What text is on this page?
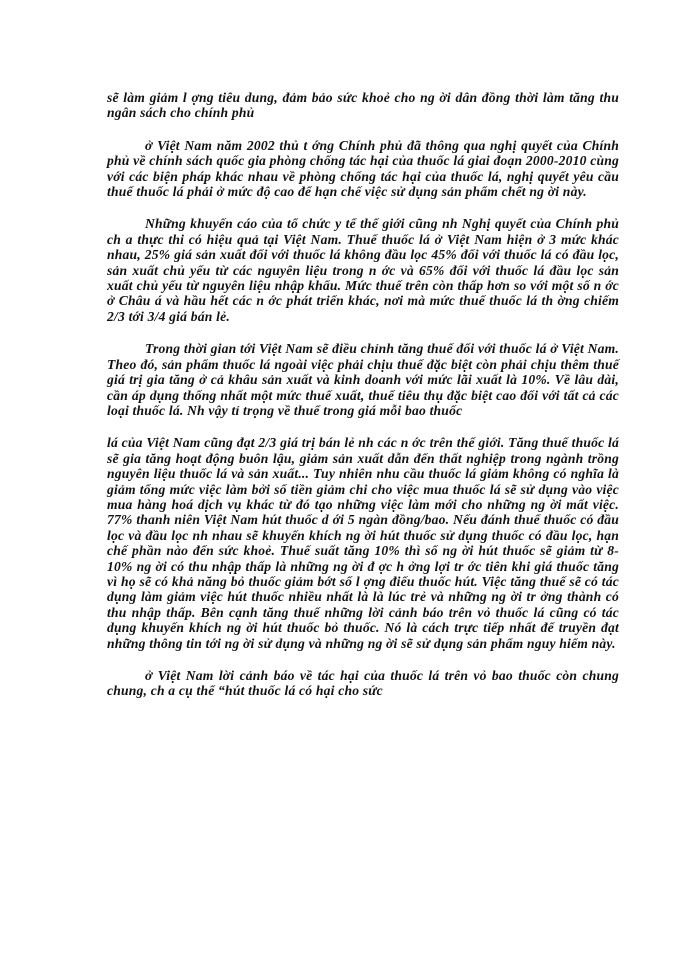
sẽ làm giảm l ợng tiêu dung, đảm bảo sức khoẻ cho ng ời dân đồng thời làm tăng thu ngân sách cho chính phủ

ở Việt Nam năm 2002 thủ t ớng Chính phủ đã thông qua nghị quyết của Chính phủ về chính sách quốc gia phòng chống tác hại của thuốc lá giai đoạn 2000-2010 cùng với các biện pháp khác nhau về phòng chống tác hại của thuốc lá, nghị quyết yêu cầu thuế thuốc lá phải ở mức độ cao để hạn chế việc sử dụng sản phẩm chết ng ời này.

Những khuyến cáo của tổ chức y tế thế giới cũng nh Nghị quyết của Chính phủ ch a thực thi có hiệu quả tại Việt Nam. Thuế thuốc lá ở Việt Nam hiện ở 3 mức khác nhau, 25% giá sản xuất đối với thuốc lá không đầu lọc 45% đối với thuốc lá có đầu lọc, sản xuất chủ yếu từ các nguyên liệu trong n ớc và 65% đối với thuốc lá đầu lọc sản xuất chủ yếu từ nguyên liệu nhập khẩu. Mức thuế trên còn thấp hơn so với một số n ớc ở Châu á và hầu hết các n ớc phát triển khác, nơi mà mức thuế thuốc lá th ờng chiếm 2/3 tới 3/4 giá bán lẻ.

Trong thời gian tới Việt Nam sẽ điều chỉnh tăng thuế đối với thuốc lá ở Việt Nam. Theo đó, sản phẩm thuốc lá ngoài việc phải chịu thuế đặc biệt còn phải chịu thêm thuế giá trị gia tăng ở cả khâu sản xuất và kinh doanh với mức lãi xuất là 10%. Về lâu dài, cần áp dụng thống nhất một mức thuế xuất, thuế tiêu thụ đặc biệt cao đối với tất cả các loại thuốc lá. Nh vậy tỉ trọng về thuế trong giá mỗi bao thuốc

lá của Việt Nam cũng đạt 2/3 giá trị bán lẻ nh các n ớc trên thế giới. Tăng thuế thuốc lá sẽ gia tăng hoạt động buôn lậu, giảm sản xuất dẫn đến thất nghiệp trong ngành trồng nguyên liệu thuốc lá và sản xuất... Tuy nhiên nhu cầu thuốc lá giảm không có nghĩa là giảm tổng mức việc làm bởi số tiền giảm chi cho việc mua thuốc lá sẽ sử dụng vào việc mua hàng hoá dịch vụ khác từ đó tạo những việc làm mới cho những ng ời mất việc. 77% thanh niên Việt Nam hút thuốc d ới 5 ngàn đồng/bao. Nếu đánh thuế thuốc có đầu lọc và đầu lọc nh nhau sẽ khuyến khích ng ời hút thuốc sử dụng thuốc có đầu lọc, hạn chế phần nào đến sức khoẻ. Thuế suất tăng 10% thì số ng ời hút thuốc sẽ giảm từ 8-10% ng ời có thu nhập thấp là những ng ời đ ợc h ởng lợi tr ớc tiên khi giá thuốc tăng vì họ sẽ có khả năng bỏ thuốc giảm bớt số l ợng điếu thuốc hút. Việc tăng thuế sẽ có tác dụng làm giảm việc hút thuốc nhiều nhất là là lúc trẻ và những ng ời tr ởng thành có thu nhập thấp. Bên cạnh tăng thuế những lời cảnh báo trên vỏ thuốc lá cũng có tác dụng khuyến khích ng ời hút thuốc bỏ thuốc. Nó là cách trực tiếp nhất để truyền đạt những thông tin tới ng ời sử dụng và những ng ời sẽ sử dụng sản phẩm nguy hiểm này.

ở Việt Nam lời cảnh báo về tác hại của thuốc lá trên vỏ bao thuốc còn chung chung, ch a cụ thể “hút thuốc lá có hại cho sức
